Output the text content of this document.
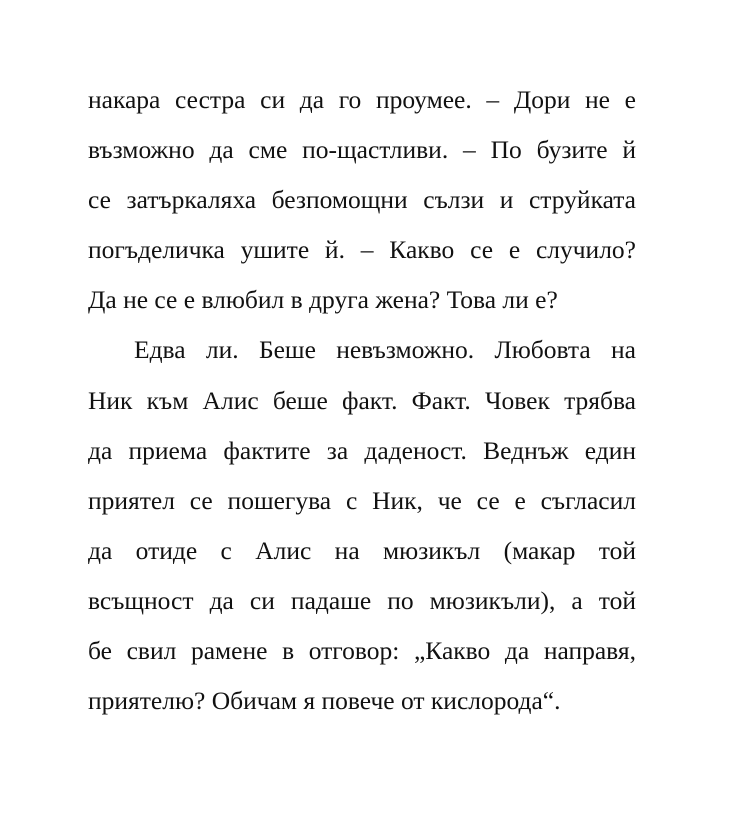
накара сестра си да го проумее. – Дори не е
възможно да сме по-щастливи. – По бузите й
се затъркаляха безпомощни сълзи и струйката
погъделичка ушите й. – Какво се е случило?
Да не се е влюбил в друга жена? Това ли е?
Едва ли. Беше невъзможно. Любовта на
Ник към Алис беше факт. Факт. Човек трябва
да приема фактите за даденост. Веднъж един
приятел се пошегува с Ник, че се е съгласил
да отиде с Алис на мюзикъл (макар той
всъщност да си падаше по мюзикъли), а той
бе свил рамене в отговор: „Какво да направя,
приятелю? Обичам я повече от кислорода“.
